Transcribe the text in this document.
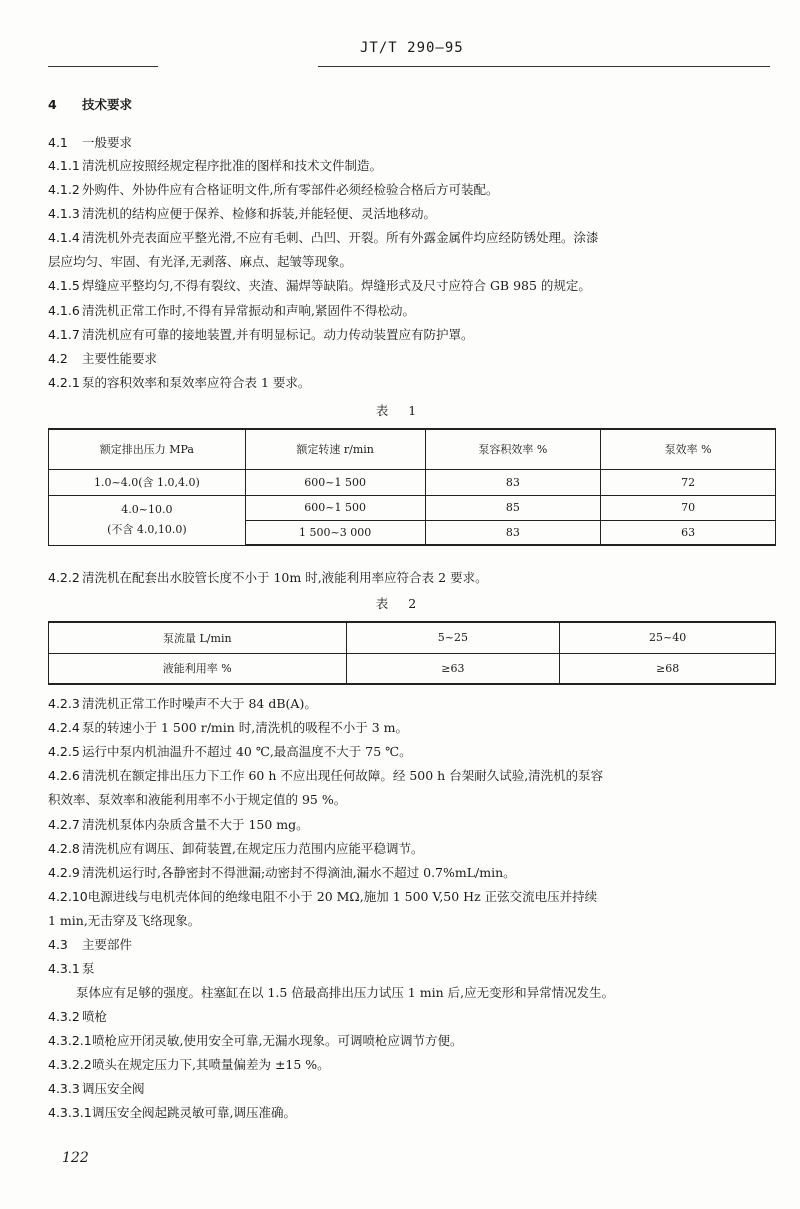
JT/T 290—95
4 技术要求
4.1 一般要求
4.1.1 清洗机应按照经规定程序批准的图样和技术文件制造。
4.1.2 外购件、外协件应有合格证明文件,所有零部件必须经检验合格后方可装配。
4.1.3 清洗机的结构应便于保养、检修和拆装,并能轻便、灵活地移动。
4.1.4 清洗机外壳表面应平整光滑,不应有毛刺、凸凹、开裂。所有外露金属件均应经防锈处理。涂漆
层应均匀、牢固、有光泽,无剥落、麻点、起皱等现象。
4.1.5 焊缝应平整均匀,不得有裂纹、夹渣、漏焊等缺陷。焊缝形式及尺寸应符合 GB 985 的规定。
4.1.6 清洗机正常工作时,不得有异常振动和声响,紧固件不得松动。
4.1.7 清洗机应有可靠的接地装置,并有明显标记。动力传动装置应有防护罩。
4.2 主要性能要求
4.2.1 泵的容积效率和泵效率应符合表 1 要求。
表 1
额定排出压力 MPa	额定转速 r/min	泵容积效率 %	泵效率 %
1.0~4.0(含 1.0,4.0)	600~1 500	83	72

4.0~10.0
(不含 4.0,10.0)	600~1 500	85	70
	1 500~3 000	83	63
4.2.2 清洗机在配套出水胶管长度不小于 10m 时,液能利用率应符合表 2 要求。
表 2
泵流量 L/min	5~25	25~40
液能利用率 %	≥63	≥68
4.2.3 清洗机正常工作时噪声不大于 84 dB(A)。
4.2.4 泵的转速小于 1 500 r/min 时,清洗机的吸程不小于 3 m。
4.2.5 运行中泵内机油温升不超过 40 ℃,最高温度不大于 75 ℃。
4.2.6 清洗机在额定排出压力下工作 60 h 不应出现任何故障。经 500 h 台架耐久试验,清洗机的泵容
积效率、泵效率和液能利用率不小于规定值的 95 %。
4.2.7 清洗机泵体内杂质含量不大于 150 mg。
4.2.8 清洗机应有调压、卸荷装置,在规定压力范围内应能平稳调节。
4.2.9 清洗机运行时,各静密封不得泄漏;动密封不得滴油,漏水不超过 0.7%mL/min。
4.2.10电源进线与电机壳体间的绝缘电阻不小于 20 MΩ,施加 1 500 V,50 Hz 正弦交流电压并持续
1 min,无击穿及飞络现象。
4.3 主要部件
4.3.1 泵
泵体应有足够的强度。柱塞缸在以 1.5 倍最高排出压力试压 1 min 后,应无变形和异常情况发生。
4.3.2 喷枪
4.3.2.1喷枪应开闭灵敏,使用安全可靠,无漏水现象。可调喷枪应调节方便。
4.3.2.2喷头在规定压力下,其喷量偏差为 ±15 %。
4.3.3 调压安全阀
4.3.3.1调压安全阀起跳灵敏可靠,调压准确。
122
